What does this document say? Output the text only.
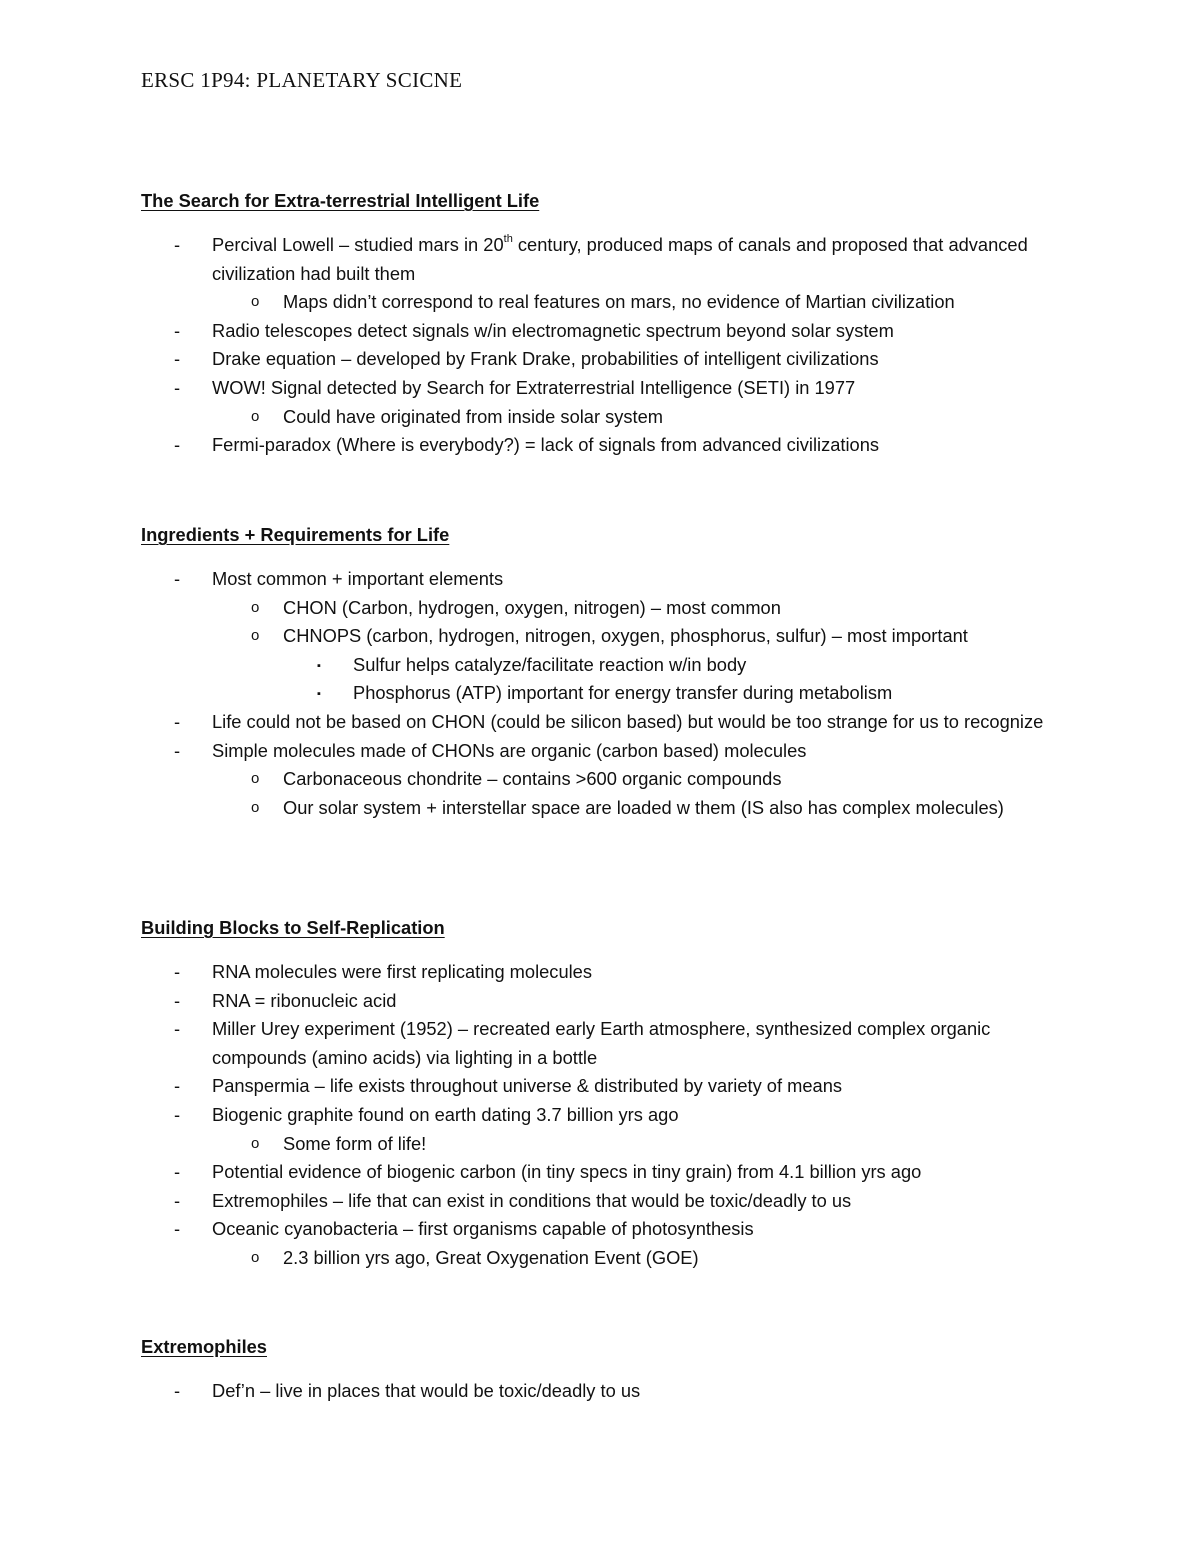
ERSC 1P94: PLANETARY SCICNE
The Search for Extra-terrestrial Intelligent Life
- Percival Lowell – studied mars in 20th century, produced maps of canals and proposed that advanced civilization had built them
o Maps didn’t correspond to real features on mars, no evidence of Martian civilization
- Radio telescopes detect signals w/in electromagnetic spectrum beyond solar system
- Drake equation – developed by Frank Drake, probabilities of intelligent civilizations
- WOW! Signal detected by Search for Extraterrestrial Intelligence (SETI) in 1977
o Could have originated from inside solar system
- Fermi-paradox (Where is everybody?) = lack of signals from advanced civilizations
Ingredients + Requirements for Life
- Most common + important elements
o CHON (Carbon, hydrogen, oxygen, nitrogen) – most common
o CHNOPS (carbon, hydrogen, nitrogen, oxygen, phosphorus, sulfur) – most important
▪ Sulfur helps catalyze/facilitate reaction w/in body
▪ Phosphorus (ATP) important for energy transfer during metabolism
- Life could not be based on CHON (could be silicon based) but would be too strange for us to recognize
- Simple molecules made of CHONs are organic (carbon based) molecules
o Carbonaceous chondrite – contains >600 organic compounds
o Our solar system + interstellar space are loaded w them (IS also has complex molecules)
Building Blocks to Self-Replication
- RNA molecules were first replicating molecules
- RNA = ribonucleic acid
- Miller Urey experiment (1952) – recreated early Earth atmosphere, synthesized complex organic compounds (amino acids) via lighting in a bottle
- Panspermia – life exists throughout universe & distributed by variety of means
- Biogenic graphite found on earth dating 3.7 billion yrs ago
o Some form of life!
- Potential evidence of biogenic carbon (in tiny specs in tiny grain) from 4.1 billion yrs ago
- Extremophiles – life that can exist in conditions that would be toxic/deadly to us
- Oceanic cyanobacteria – first organisms capable of photosynthesis
o 2.3 billion yrs ago, Great Oxygenation Event (GOE)
Extremophiles
- Def’n – live in places that would be toxic/deadly to us
